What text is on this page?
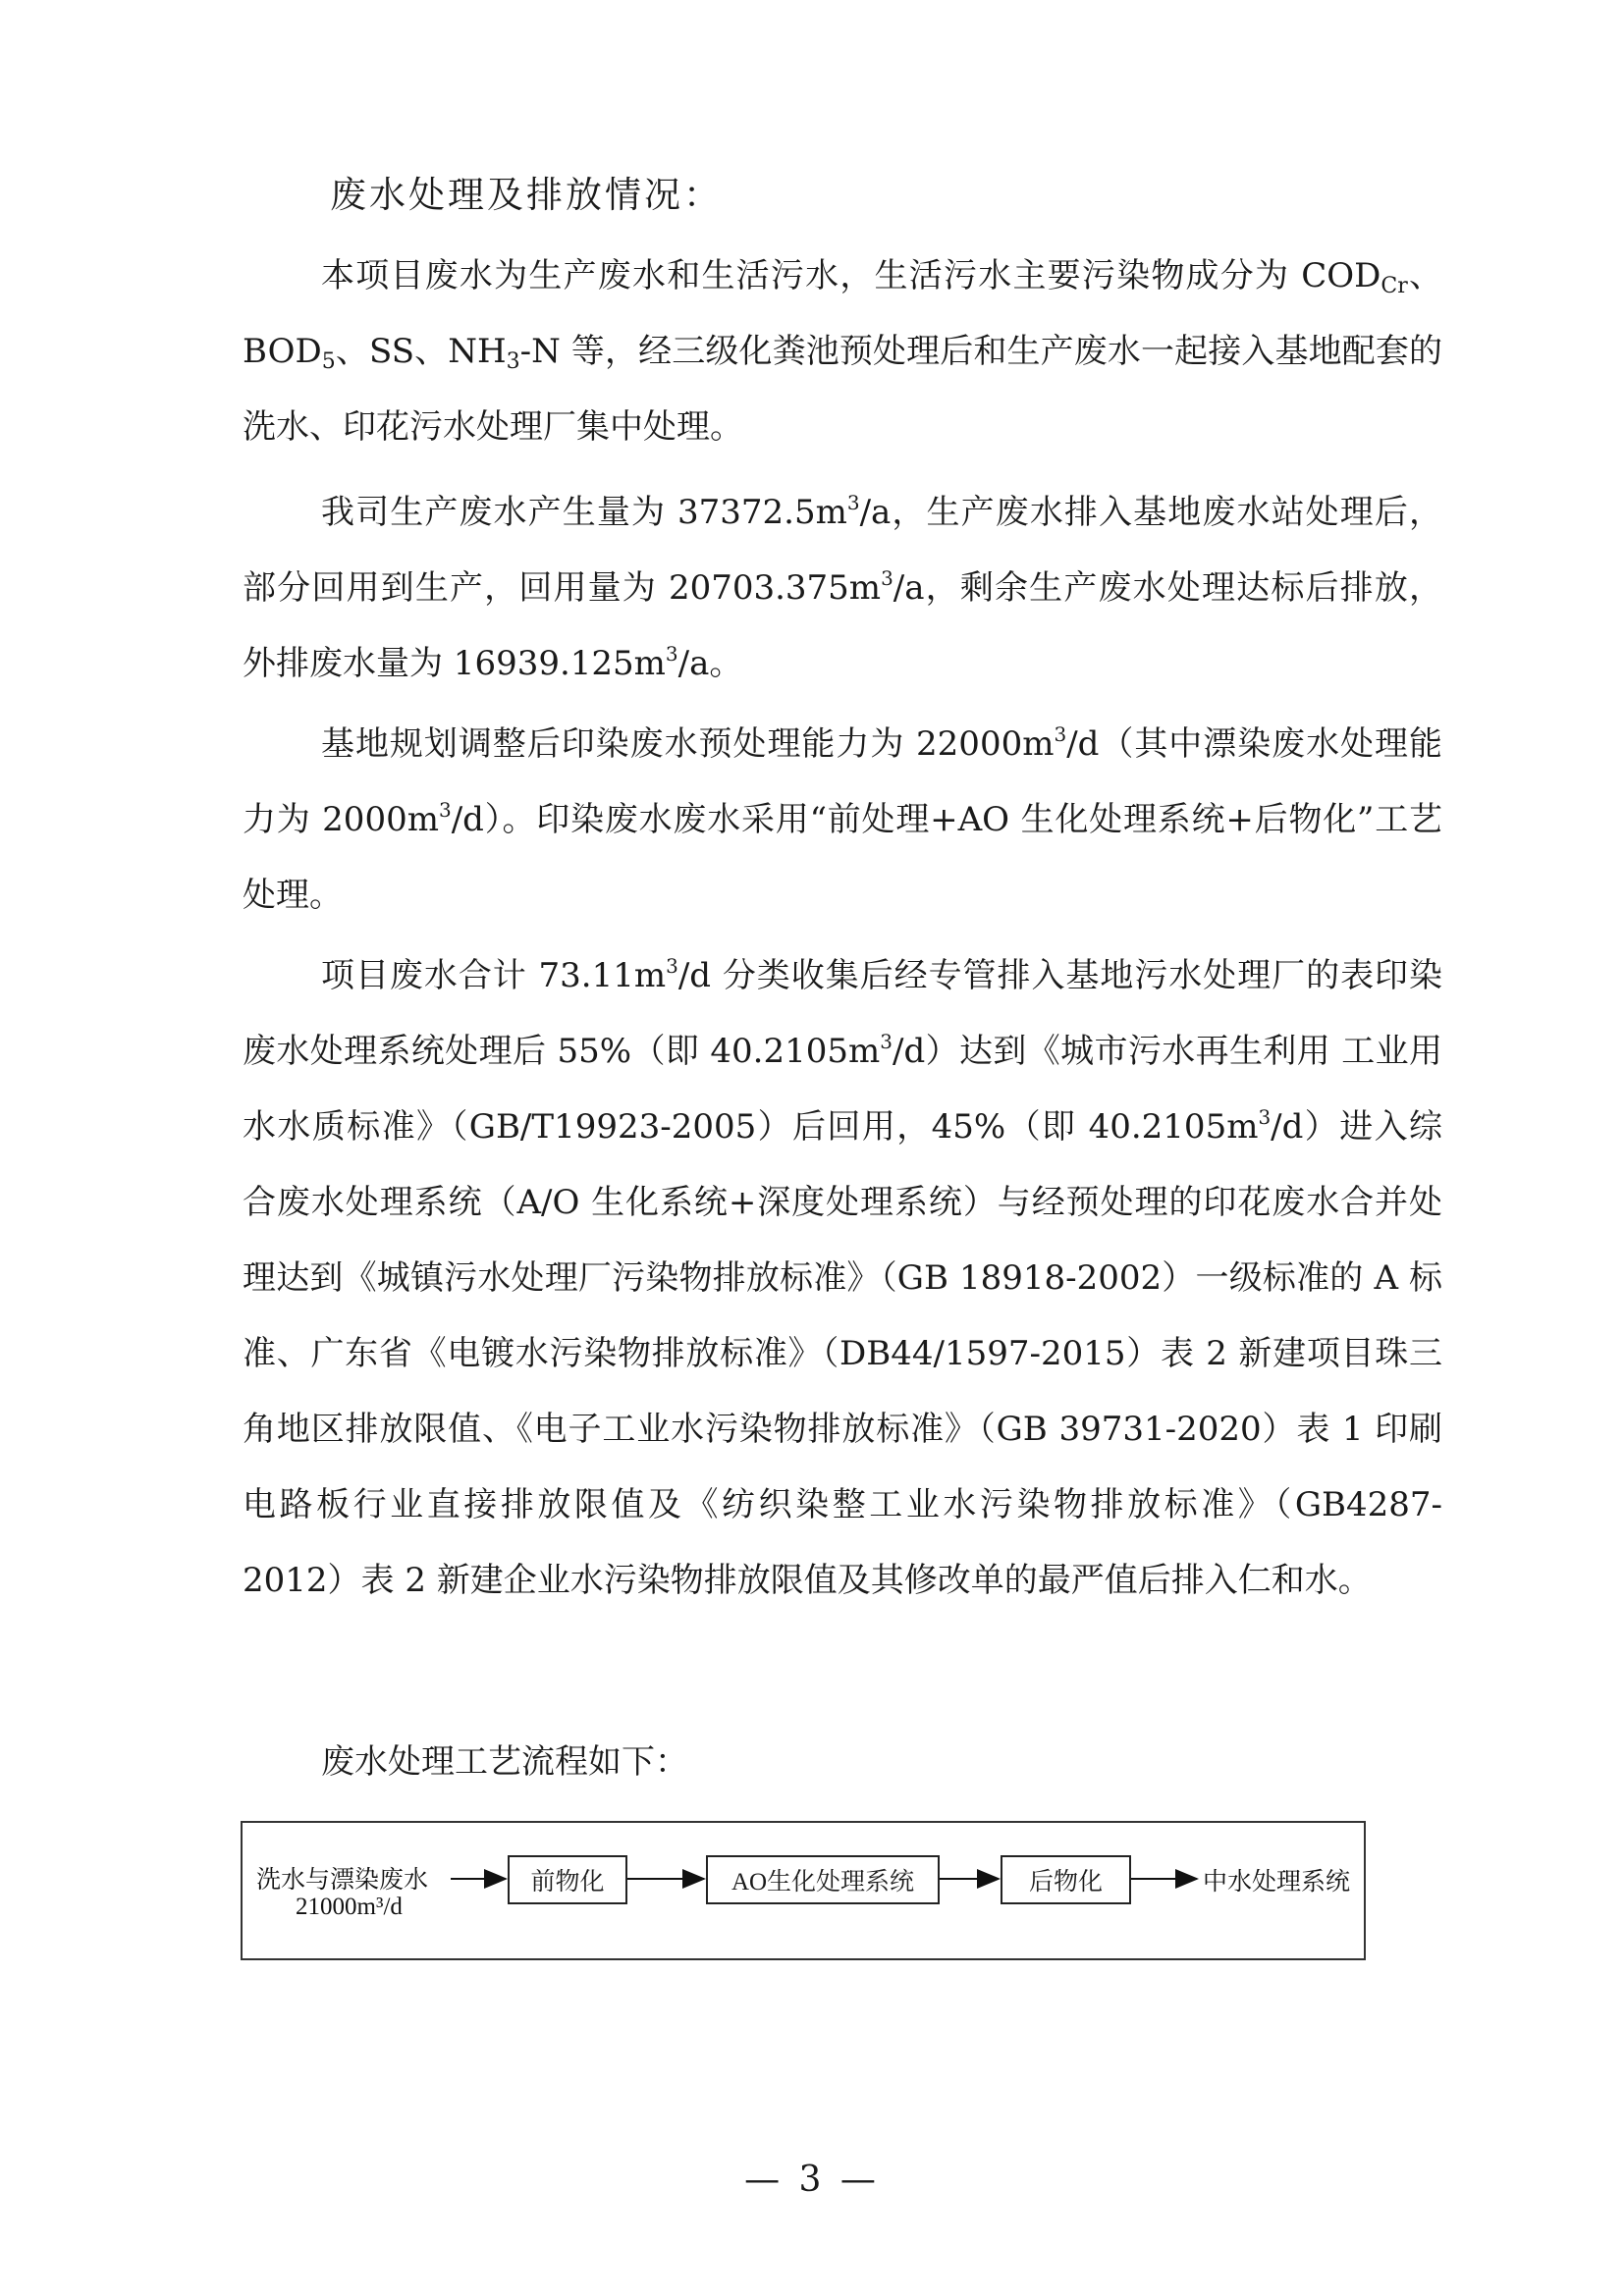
废水处理及排放情况：

本项目废水为生产废水和生活污水，生活污水主要污染物成分为 $COD_{Cr}$、$BOD_5$、SS、$NH_3-N$ 等，经三级化粪池预处理后和生产废水一起接入基地配套的洗水、印花污水处理厂集中处理。

我司生产废水产生量为 $37372.5m^3/a$，生产废水排入基地废水站处理后，部分回用到生产，回用量为 $20703.375m^3/a$，剩余生产废水处理达标后排放，外排废水量为 $16939.125m^3/a$。

基地规划调整后印染废水预处理能力为 $22000m^3/d$（其中漂染废水处理能力为 $2000m^3/d$）。印染废水废水采用“前处理+AO 生化处理系统+后物化”工艺处理。

项目废水合计 $73.11m^3/d$ 分类收集后经专管排入基地污水处理厂的表印染废水处理系统处理后 55%（即 $40.2105m^3/d$）达到《城市污水再生利用 工业用水水质标准》（GB/T19923-2005）后回用，45%（即 $40.2105m^3/d$）进入综合废水处理系统（A/O 生化系统+深度处理系统）与经预处理的印花废水合并处理达到《城镇污水处理厂污染物排放标准》（GB 18918-2002）一级标准的 A 标准、广东省《电镀水污染物排放标准》（DB44/1597-2015）表 2 新建项目珠三角地区排放限值、《电子工业水污染物排放标准》（GB 39731-2020）表 1 印刷电路板行业直接排放限值及《纺织染整工业水污染物排放标准》（GB4287-2012）表 2 新建企业水污染物排放限值及其修改单的最严值后排入仁和水。

废水处理工艺流程如下：
洗水与漂染废水
21000m³/d
前物化	AO生化处理系统	后物化	中水处理系统
— 3 —
